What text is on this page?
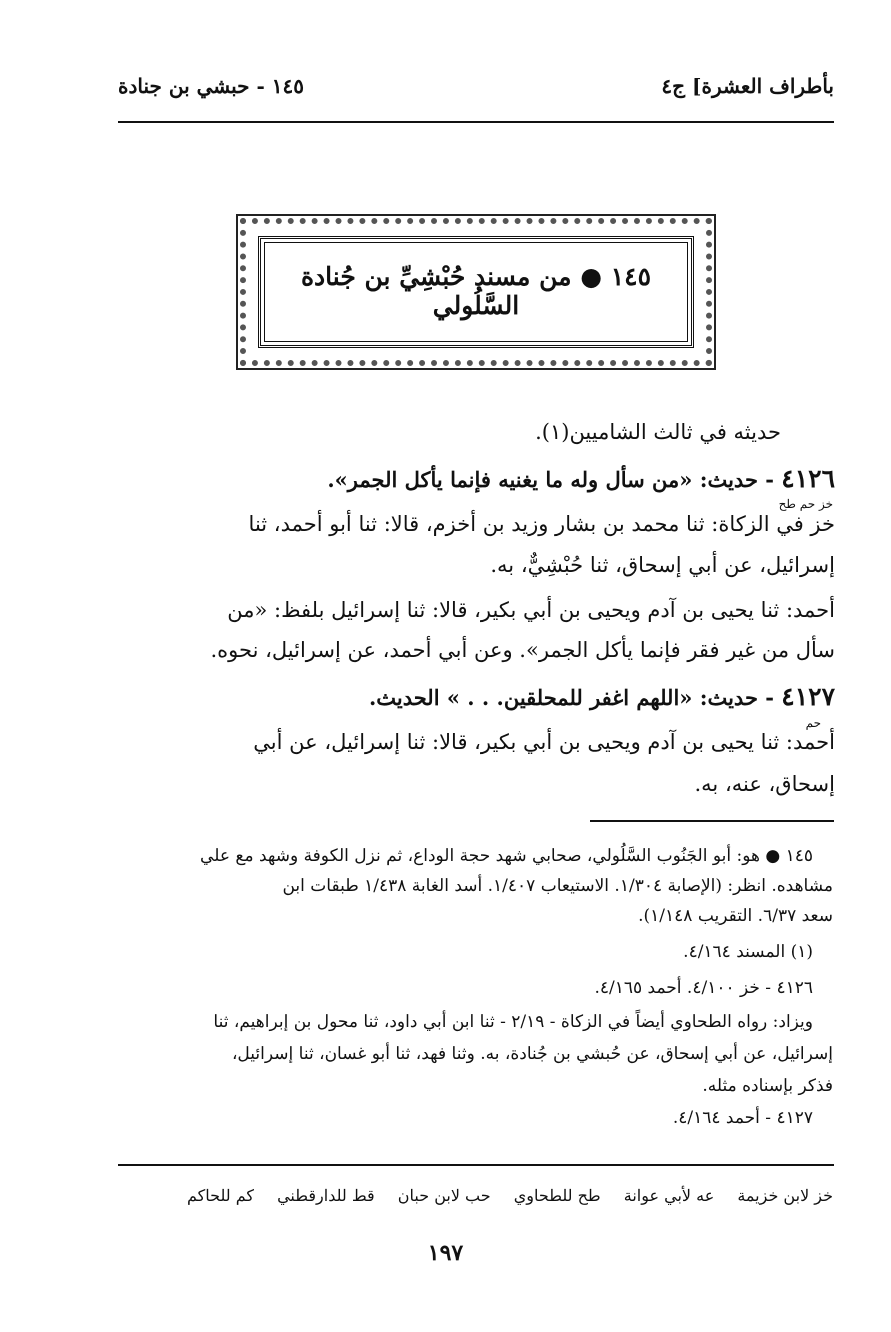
بأطراف العشرة] ج٤
١٤٥ - حبشي بن جنادة
١٤٥ ● من مسند حُبْشِيِّ بن جُنادة السَّلُولي
حديثه في ثالث الشاميين(١).
٤١٢٦ - حديث: «من سأل وله ما يغنيه فإنما يأكل الجمر».
خز حم طح
خز في الزكاة: ثنا محمد بن بشار وزيد بن أخزم، قالا: ثنا أبو أحمد، ثنا
إسرائيل، عن أبي إسحاق، ثنا حُبْشِيٌّ، به.
أحمد: ثنا يحيى بن آدم ويحيى بن أبي بكير، قالا: ثنا إسرائيل بلفظ: «من
سأل من غير فقر فإنما يأكل الجمر». وعن أبي أحمد، عن إسرائيل، نحوه.
٤١٢٧ - حديث: «اللهم اغفر للمحلقين. . . » الحديث.
حم
أحمد: ثنا يحيى بن آدم ويحيى بن أبي بكير، قالا: ثنا إسرائيل، عن أبي
إسحاق، عنه، به.
١٤٥ ● هو: أبو الجَنُوب السَّلُولي، صحابي شهد حجة الوداع، ثم نزل الكوفة وشهد مع علي
مشاهده. انظر: (الإصابة ١/٣٠٤. الاستيعاب ١/٤٠٧. أسد الغابة ١/٤٣٨ طبقات ابن
سعد ٦/٣٧. التقريب ١/١٤٨).
(١) المسند ٤/١٦٤.
٤١٢٦ - خز ٤/١٠٠. أحمد ٤/١٦٥.
ويزاد: رواه الطحاوي أيضاً في الزكاة - ٢/١٩ - ثنا ابن أبي داود، ثنا محول بن إبراهيم، ثنا
إسرائيل، عن أبي إسحاق، عن حُبشي بن جُنادة، به. وثنا فهد، ثنا أبو غسان، ثنا إسرائيل،
فذكر بإسناده مثله.
٤١٢٧ - أحمد ٤/١٦٤.
خز لابن خزيمة عه لأبي عوانة طح للطحاوي حب لابن حبان قط للدارقطني كم للحاكم
١٩٧
